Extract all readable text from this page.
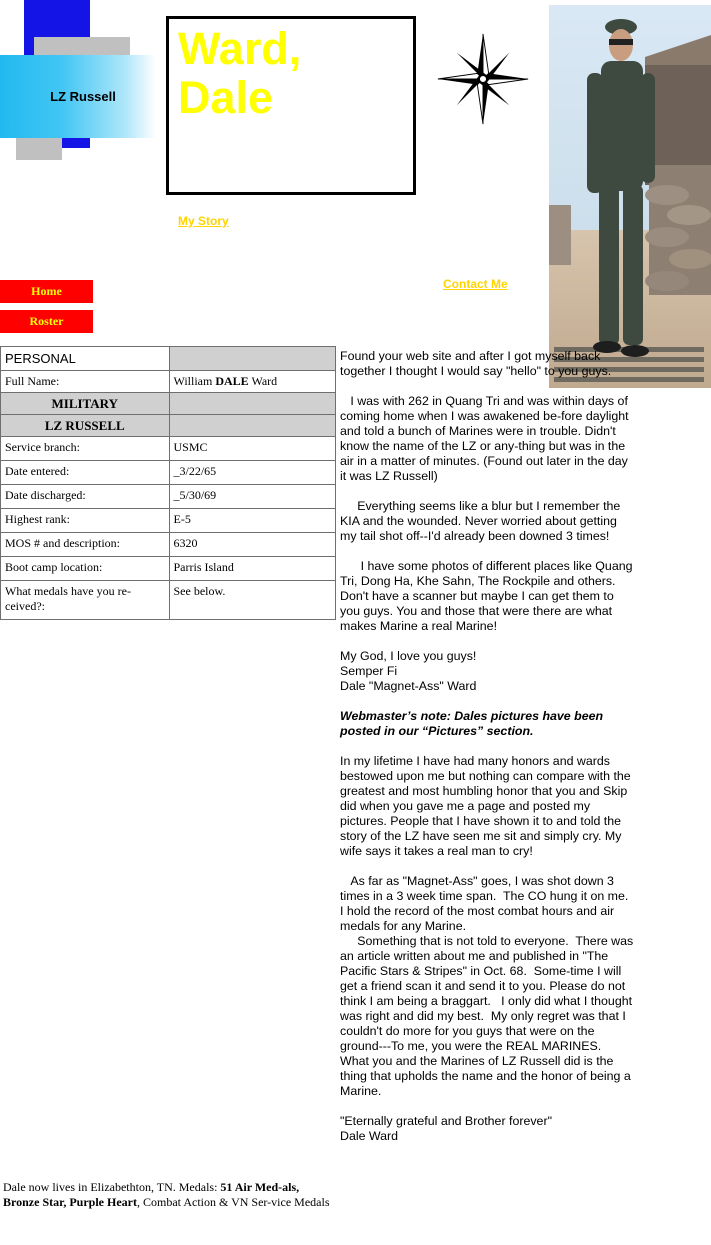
LZ Russell
Ward,
Dale
My Story
Contact Me
Home
Roster
PERSONAL	
Full Name:	William DALE Ward
MILITARY	
LZ RUSSELL	
Service branch:	USMC
Date entered:	_3/22/65
Date discharged:	_5/30/69
Highest rank:	E-5
MOS # and description:	6320
Boot camp location:	Parris Island
What medals have you re-ceived?:	See below.
Dale now lives in Elizabethton, TN. Medals: 51 Air Med-als, Bronze Star, Purple Heart, Combat Action & VN Ser-vice Medals

Found your web site and after I got myself back together I thought I would say "hello" to you guys.

I was with 262 in Quang Tri and was within days of coming home when I was awakened be-fore daylight and told a bunch of Marines were in trouble. Didn't know the name of the LZ or any-thing but was in the air in a matter of minutes. (Found out later in the day it was LZ Russell)

Everything seems like a blur but I remember the KIA and the wounded. Never worried about getting my tail shot off--I'd already been downed 3 times!

I have some photos of different places like Quang Tri, Dong Ha, Khe Sahn, The Rockpile and others. Don't have a scanner but maybe I can get them to you guys. You and those that were there are what makes Marine a real Marine!

My God, I love you guys!

Semper Fi

Dale "Magnet-Ass" Ward

Webmaster’s note: Dales pictures have been posted in our “Pictures” section.

In my lifetime I have had many honors and wards bestowed upon me but nothing can compare with the greatest and most humbling honor that you and Skip did when you gave me a page and posted my pictures. People that I have shown it to and told the story of the LZ have seen me sit and simply cry. My wife says it takes a real man to cry!

As far as "Magnet-Ass" goes, I was shot down 3 times in a 3 week time span.  The CO hung it on me.  I hold the record of the most combat hours and air medals for any Marine.

Something that is not told to everyone.  There was an article written about me and published in "The Pacific Stars & Stripes" in Oct. 68.  Some-time I will get a friend scan it and send it to you. Please do not think I am being a braggart.   I only did what I thought was right and did my best.  My only regret was that I couldn't do more for you guys that were on the ground---To me, you were the REAL MARINES.  What you and the Marines of LZ Russell did is the thing that upholds the name and the honor of being a Marine.

"Eternally grateful and Brother forever"

Dale Ward
